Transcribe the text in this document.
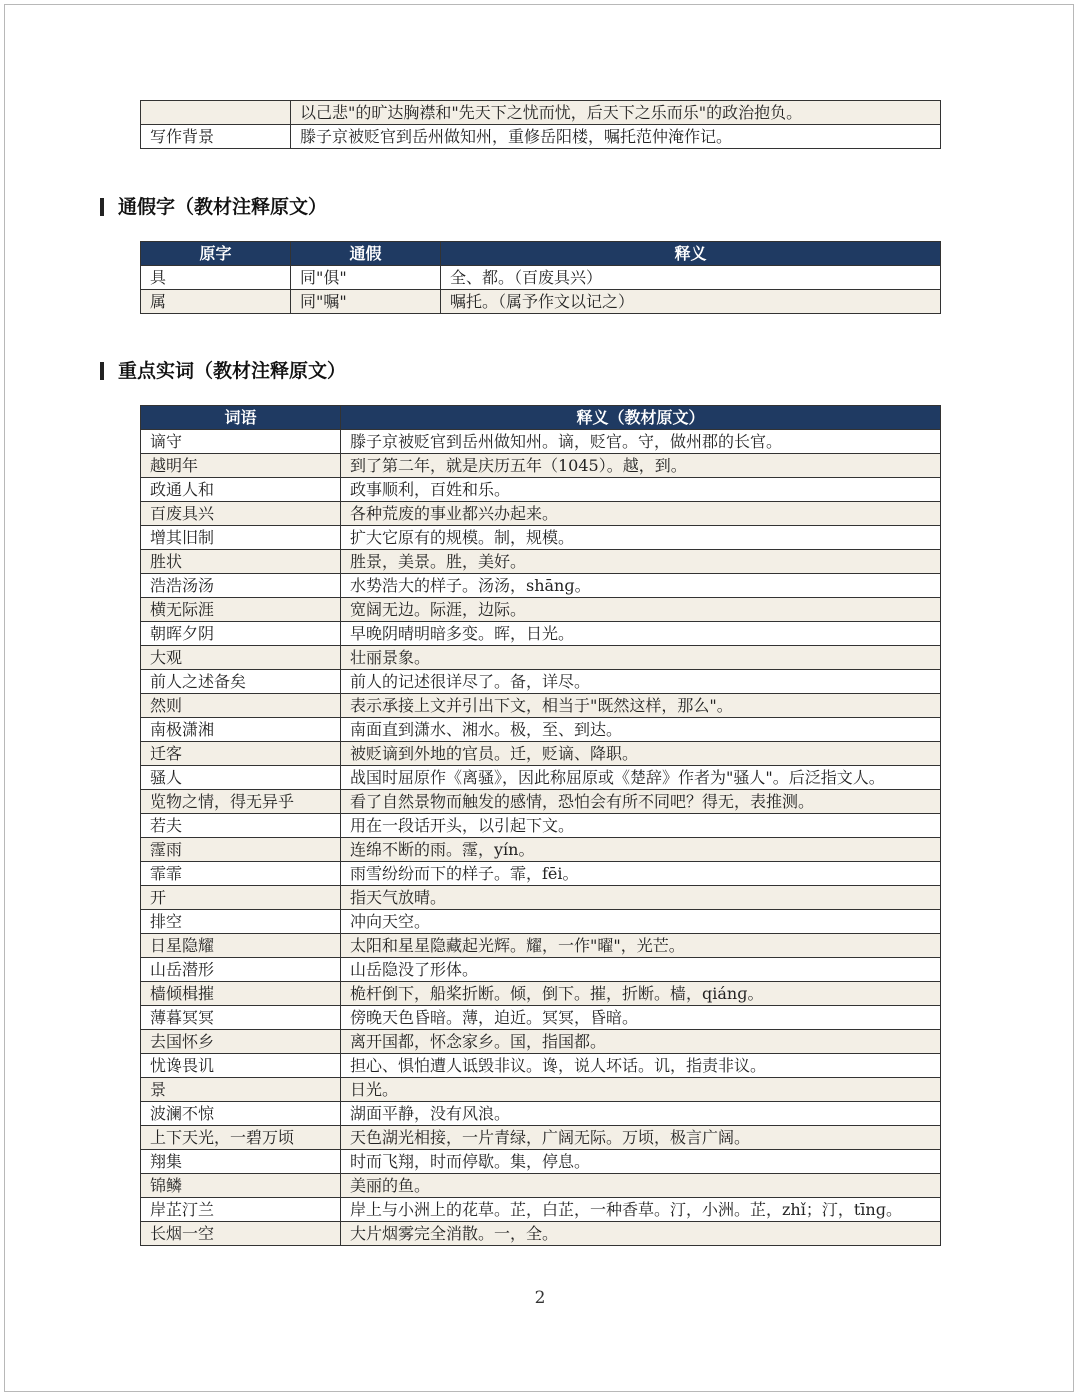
	以己悲"的旷达胸襟和"先天下之忧而忧，后天下之乐而乐"的政治抱负。
写作背景	滕子京被贬官到岳州做知州，重修岳阳楼，嘱托范仲淹作记。
通假字（教材注释原文）
原字	通假	释义
具	同"俱"	全、都。（百废具兴）
属	同"嘱"	嘱托。（属予作文以记之）
重点实词（教材注释原文）
词语	释义（教材原文）
谪守	滕子京被贬官到岳州做知州。谪，贬官。守，做州郡的长官。
越明年	到了第二年，就是庆历五年（1045）。越，到。
政通人和	政事顺利，百姓和乐。
百废具兴	各种荒废的事业都兴办起来。
增其旧制	扩大它原有的规模。制，规模。
胜状	胜景，美景。胜，美好。
浩浩汤汤	水势浩大的样子。汤汤，shānɡ。
横无际涯	宽阔无边。际涯，边际。
朝晖夕阴	早晚阴晴明暗多变。晖，日光。
大观	壮丽景象。
前人之述备矣	前人的记述很详尽了。备，详尽。
然则	表示承接上文并引出下文，相当于"既然这样，那么"。
南极潇湘	南面直到潇水、湘水。极，至、到达。
迁客	被贬谪到外地的官员。迁，贬谪、降职。
骚人	战国时屈原作《离骚》，因此称屈原或《楚辞》作者为"骚人"。后泛指文人。
览物之情，得无异乎	看了自然景物而触发的感情，恐怕会有所不同吧？得无，表推测。
若夫	用在一段话开头，以引起下文。
霪雨	连绵不断的雨。霪，yín。
霏霏	雨雪纷纷而下的样子。霏，fēi。
开	指天气放晴。
排空	冲向天空。
日星隐耀	太阳和星星隐藏起光辉。耀，一作"曜"，光芒。
山岳潜形	山岳隐没了形体。
樯倾楫摧	桅杆倒下，船桨折断。倾，倒下。摧，折断。樯，qiánɡ。
薄暮冥冥	傍晚天色昏暗。薄，迫近。冥冥，昏暗。
去国怀乡	离开国都，怀念家乡。国，指国都。
忧谗畏讥	担心、惧怕遭人诋毁非议。谗，说人坏话。讥，指责非议。
景	日光。
波澜不惊	湖面平静，没有风浪。
上下天光，一碧万顷	天色湖光相接，一片青绿，广阔无际。万顷，极言广阔。
翔集	时而飞翔，时而停歇。集，停息。
锦鳞	美丽的鱼。
岸芷汀兰	岸上与小洲上的花草。芷，白芷，一种香草。汀，小洲。芷，zhǐ；汀，tīnɡ。
长烟一空	大片烟雾完全消散。一，全。
2
